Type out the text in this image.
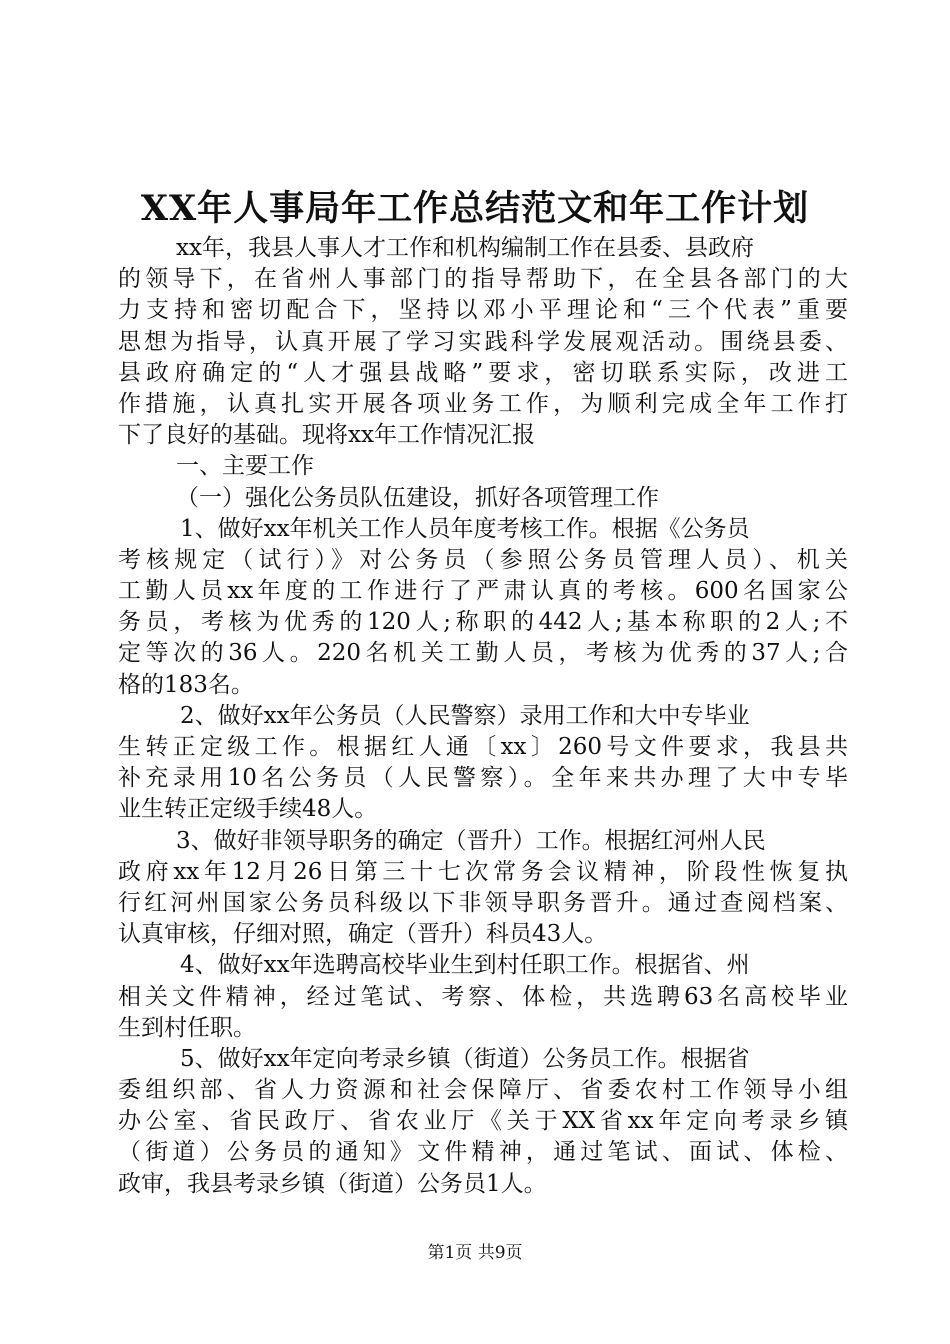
XX年人事局年工作总结范文和年工作计划
xx年，我县人事人才工作和机构编制工作在县委、县政府
的领导下，在省州人事部门的指导帮助下，在全县各部门的大
力支持和密切配合下，坚持以邓小平理论和“三个代表”重要
思想为指导，认真开展了学习实践科学发展观活动。围绕县委、
县政府确定的“人才强县战略”要求，密切联系实际，改进工
作措施，认真扎实开展各项业务工作，为顺利完成全年工作打
下了良好的基础。现将xx年工作情况汇报
一、主要工作
（一）强化公务员队伍建设，抓好各项管理工作
1、做好xx年机关工作人员年度考核工作。根据《公务员
考核规定（试行）》对公务员（参照公务员管理人员）、机关
工勤人员xx年度的工作进行了严肃认真的考核。600名国家公
务员，考核为优秀的120人;称职的442人;基本称职的2人;不
定等次的36人。220名机关工勤人员，考核为优秀的37人;合
格的183名。
2、做好xx年公务员（人民警察）录用工作和大中专毕业
生转正定级工作。根据红人通〔xx〕260号文件要求，我县共
补充录用10名公务员（人民警察）。全年来共办理了大中专毕
业生转正定级手续48人。
3、做好非领导职务的确定（晋升）工作。根据红河州人民
政府xx年12月26日第三十七次常务会议精神，阶段性恢复执
行红河州国家公务员科级以下非领导职务晋升。通过查阅档案、
认真审核，仔细对照，确定（晋升）科员43人。
4、做好xx年选聘高校毕业生到村任职工作。根据省、州
相关文件精神，经过笔试、考察、体检，共选聘63名高校毕业
生到村任职。
5、做好xx年定向考录乡镇（街道）公务员工作。根据省
委组织部、省人力资源和社会保障厅、省委农村工作领导小组
办公室、省民政厅、省农业厅《关于XX省xx年定向考录乡镇
（街道）公务员的通知》文件精神，通过笔试、面试、体检、
政审，我县考录乡镇（街道）公务员1人。
第1页 共9页
